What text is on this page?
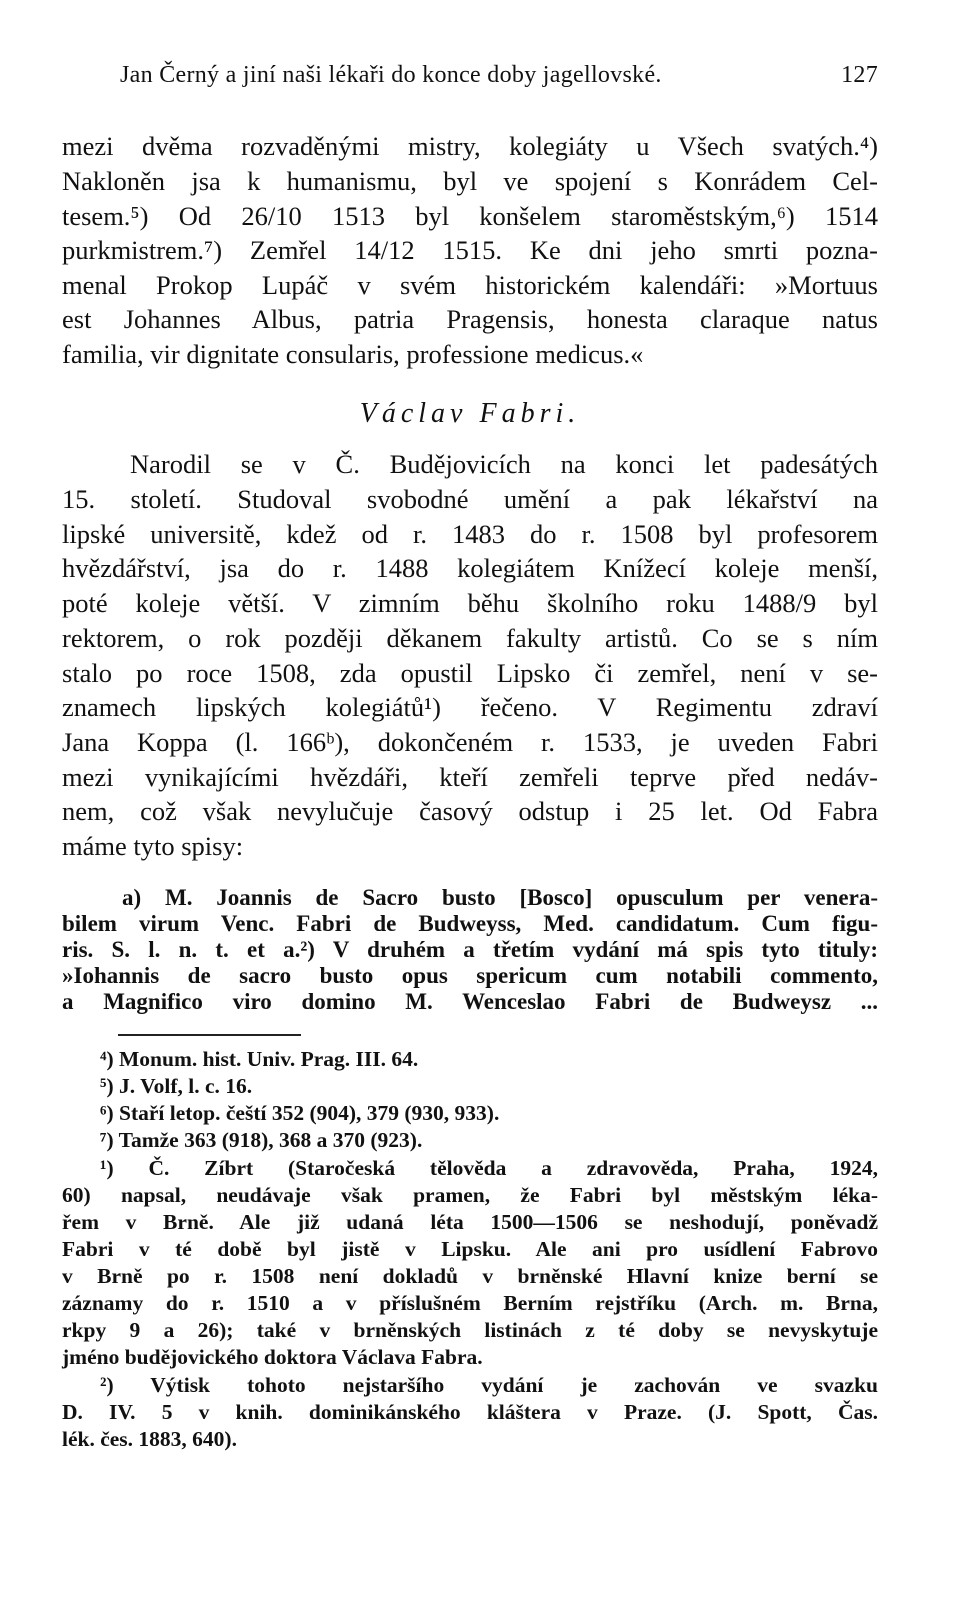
Jan Černý a jiní naši lékaři do konce doby jagellovské.	127
mezi dvěma rozvaděnými mistry, kolegiáty u Všech svatých.⁴)
Nakloněn jsa k humanismu, byl ve spojení s Konrádem Cel-
tesem.⁵) Od 26/10 1513 byl konšelem staroměstským,⁶) 1514
purkmistrem.⁷) Zemřel 14/12 1515. Ke dni jeho smrti pozna-
menal Prokop Lupáč v svém historickém kalendáři: »Mortuus
est Johannes Albus, patria Pragensis, honesta claraque natus
familia, vir dignitate consularis, professione medicus.«
Václav Fabri.
Narodil se v Č. Budějovicích na konci let padesátých
15. století. Studoval svobodné umění a pak lékařství na
lipské universitě, kdež od r. 1483 do r. 1508 byl profesorem
hvězdářství, jsa do r. 1488 kolegiátem Knížecí koleje menší,
poté koleje větší. V zimním běhu školního roku 1488/9 byl
rektorem, o rok později děkanem fakulty artistů. Co se s ním
stalo po roce 1508, zda opustil Lipsko či zemřel, není v se-
znamech lipských kolegiátů¹) řečeno. V Regimentu zdraví
Jana Koppa (l. 166ᵇ), dokončeném r. 1533, je uveden Fabri
mezi vynikajícími hvězdáři, kteří zemřeli teprve před nedáv-
nem, což však nevylučuje časový odstup i 25 let. Od Fabra
máme tyto spisy:
a) M. Joannis de Sacro busto [Bosco] opusculum per venera-
bilem virum Venc. Fabri de Budweyss, Med. candidatum. Cum figu-
ris. S. l. n. t. et a.²) V druhém a třetím vydání má spis tyto tituly:
»Iohannis de sacro busto opus spericum cum notabili commento,
a Magnifico viro domino M. Wenceslao Fabri de Budweysz ...
⁴) Monum. hist. Univ. Prag. III. 64.
⁵) J. Volf, l. c. 16.
⁶) Staří letop. čeští 352 (904), 379 (930, 933).
⁷) Tamže 363 (918), 368 a 370 (923).
¹) Č. Zíbrt (Staročeská tělověda a zdravověda, Praha, 1924,
60) napsal, neudávaje však pramen, že Fabri byl městským léka-
řem v Brně. Ale již udaná léta 1500—1506 se neshodují, poněvadž
Fabri v té době byl jistě v Lipsku. Ale ani pro usídlení Fabrovo
v Brně po r. 1508 není dokladů v brněnské Hlavní knize berní se
záznamy do r. 1510 a v příslušném Berním rejstříku (Arch. m. Brna,
rkpy 9 a 26); také v brněnských listinách z té doby se nevyskytuje
jméno budějovického doktora Václava Fabra.
²) Výtisk tohoto nejstaršího vydání je zachován ve svazku
D. IV. 5 v knih. dominikánského kláštera v Praze. (J. Spott, Čas.
lék. čes. 1883, 640).
